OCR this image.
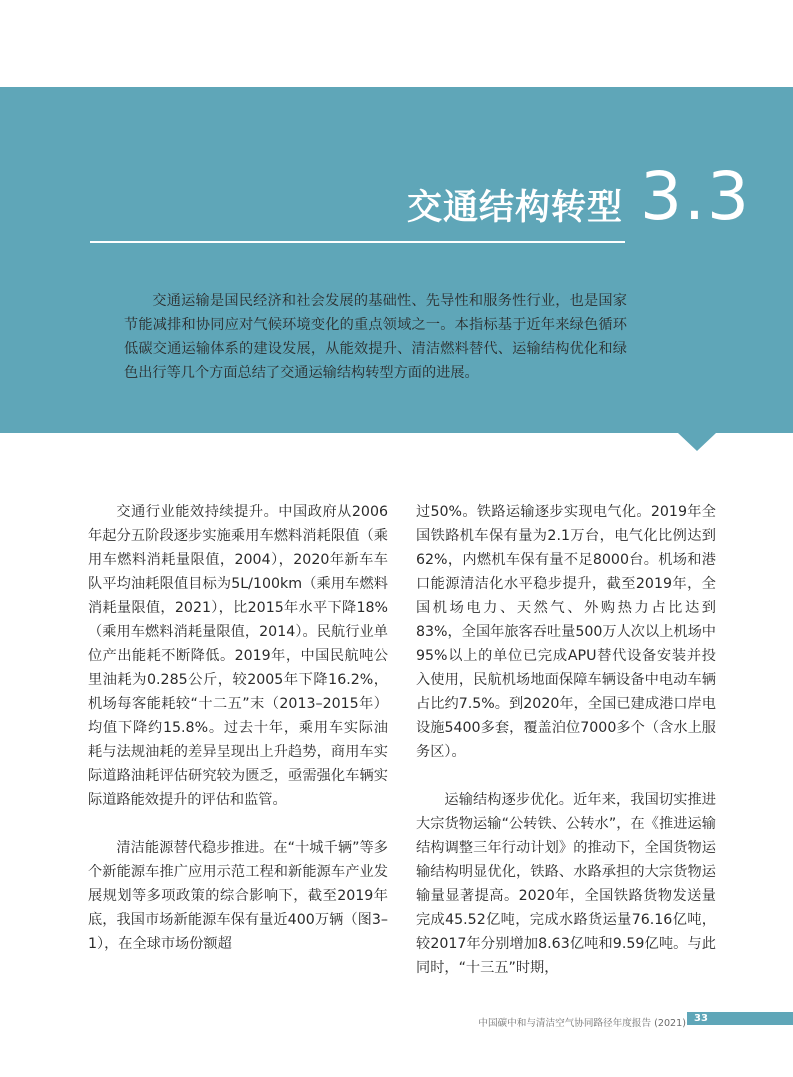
交通结构转型 3.3

交通运输是国民经济和社会发展的基础性、先导性和服务性行业，也是国家节能减排和协同应对气候环境变化的重点领域之一。本指标基于近年来绿色循环低碳交通运输体系的建设发展，从能效提升、清洁燃料替代、运输结构优化和绿色出行等几个方面总结了交通运输结构转型方面的进展。

交通行业能效持续提升。中国政府从2006年起分五阶段逐步实施乘用车燃料消耗限值（乘用车燃料消耗量限值，2004），2020年新车车队平均油耗限值目标为5L/100km（乘用车燃料消耗量限值，2021），比2015年水平下降18%（乘用车燃料消耗量限值，2014）。民航行业单位产出能耗不断降低。2019年，中国民航吨公里油耗为0.285公斤，较2005年下降16.2%，机场每客能耗较“十二五”末（2013–2015年）均值下降约15.8%。过去十年，乘用车实际油耗与法规油耗的差异呈现出上升趋势，商用车实际道路油耗评估研究较为匮乏，亟需强化车辆实际道路能效提升的评估和监管。

清洁能源替代稳步推进。在“十城千辆”等多个新能源车推广应用示范工程和新能源车产业发展规划等多项政策的综合影响下，截至2019年底，我国市场新能源车保有量近400万辆（图3–1），在全球市场份额超

过50%。铁路运输逐步实现电气化。2019年全国铁路机车保有量为2.1万台，电气化比例达到62%，内燃机车保有量不足8000台。机场和港口能源清洁化水平稳步提升，截至2019年，全国机场电力、天然气、外购热力占比达到83%，全国年旅客吞吐量500万人次以上机场中95%以上的单位已完成APU替代设备安装并投入使用，民航机场地面保障车辆设备中电动车辆占比约7.5%。到2020年，全国已建成港口岸电设施5400多套，覆盖泊位7000多个（含水上服务区）。

运输结构逐步优化。近年来，我国切实推进大宗货物运输“公转铁、公转水”，在《推进运输结构调整三年行动计划》的推动下，全国货物运输结构明显优化，铁路、水路承担的大宗货物运输量显著提高。2020年，全国铁路货物发送量完成45.52亿吨，完成水路货运量76.16亿吨，较2017年分别增加8.63亿吨和9.59亿吨。与此同时，“十三五”时期，

中国碳中和与清洁空气协同路径年度报告 (2021) 33
